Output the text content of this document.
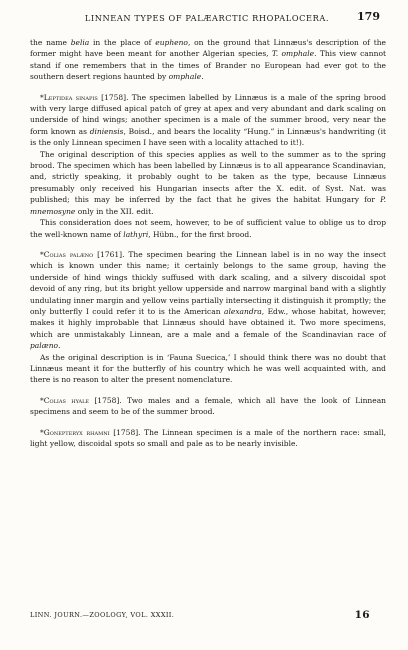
LINNEAN TYPES OF PALÆARCTIC RHOPALOCERA.	179

the name belia in the place of eupheno, on the ground that Linnæus's description of the former might have been meant for another Algerian species, T. omphale. This view cannot stand if one remembers that in the times of Brander no European had ever got to the southern desert regions haunted by omphale.

*Leptidea sinapis [1758]. The specimen labelled by Linnæus is a male of the spring brood with very large diffused apical patch of grey at apex and very abundant and dark scaling on underside of hind wings; another specimen is a male of the summer brood, very near the form known as diniensis, Boisd., and bears the locality “Hung.” in Linnæus's handwriting (it is the only Linnean specimen I have seen with a locality attached to it!).

The original description of this species applies as well to the summer as to the spring brood. The specimen which has been labelled by Linnæus is to all appearance Scandinavian, and, strictly speaking, it probably ought to be taken as the type, because Linnæus presumably only received his Hungarian insects after the X. edit. of Syst. Nat. was published; this may be inferred by the fact that he gives the habitat Hungary for P. mnemosyne only in the XII. edit.

This consideration does not seem, however, to be of sufficient value to oblige us to drop the well-known name of lathyri, Hübn., for the first brood.

*Colias palæno [1761]. The specimen bearing the Linnean label is in no way the insect which is known under this name; it certainly belongs to the same group, having the underside of hind wings thickly suffused with dark scaling, and a silvery discoidal spot devoid of any ring, but its bright yellow upperside and narrow marginal band with a slightly undulating inner margin and yellow veins partially intersecting it distinguish it promptly; the only butterfly I could refer it to is the American alexandra, Edw., whose habitat, however, makes it highly improbable that Linnæus should have obtained it. Two more specimens, which are unmistakably Linnean, are a male and a female of the Scandinavian race of palæno.

As the original description is in ‘Fauna Suecica,’ I should think there was no doubt that Linnæus meant it for the butterfly of his country which he was well acquainted with, and there is no reason to alter the present nomenclature.

*Colias hyale [1758]. Two males and a female, which all have the look of Linnean specimens and seem to be of the summer brood.

*Gonepteryx rhamni [1758]. The Linnean specimen is a male of the northern race: small, light yellow, discoidal spots so small and pale as to be nearly invisible.

LINN. JOURN.—ZOOLOGY, VOL. XXXII.	16
